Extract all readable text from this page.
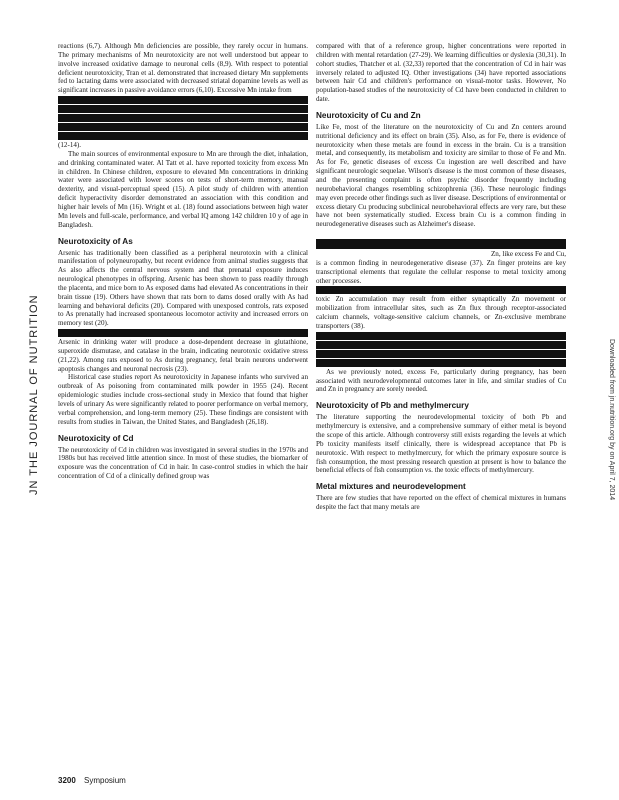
JN THE JOURNAL OF NUTRITION	Downloaded from jn.nutrition.org by on April 7, 2014

reactions (6,7). Although Mn deficiencies are possible, they rarely occur in humans. The primary mechanisms of Mn neurotoxicity are not well understood but appear to involve increased oxidative damage to neuronal cells (8,9). With respect to potential deficient neurotoxicity, Tran et al. demonstrated that increased dietary Mn supplements fed to lactating dams were associated with decreased striatal dopamine levels as well as significant increases in passive avoidance errors (6,10). Excessive Mn intake from

(12-14).

The main sources of environmental exposure to Mn are through the diet, inhalation, and drinking contaminated water. Al Tatt et al. have reported toxicity from excess Mn in children. In Chinese children, exposure to elevated Mn concentrations in drinking water were associated with lower scores on tests of short-term memory, manual dexterity, and visual-perceptual speed (15). A pilot study of children with attention deficit hyperactivity disorder demonstrated an association with this condition and higher hair levels of Mn (16). Wright et al. (18) found associations between high water Mn levels and full-scale, performance, and verbal IQ among 142 children 10 y of age in Bangladesh.

Neurotoxicity of As

Arsenic has traditionally been classified as a peripheral neurotoxin with a clinical manifestation of polyneuropathy, but recent evidence from animal studies suggests that As also affects the central nervous system and that prenatal exposure induces neurological phenotypes in offspring. Arsenic has been shown to pass readily through the placenta, and mice born to As exposed dams had elevated As concentrations in their brain tissue (19). Others have shown that rats born to dams dosed orally with As had learning and behavioral deficits (20). Compared with unexposed controls, rats exposed to As prenatally had increased spontaneous locomotor activity and increased errors on memory test (20).

Arsenic in drinking water will produce a dose-dependent decrease in glutathione, superoxide dismutase, and catalase in the brain, indicating neurotoxic oxidative stress (21,22). Among rats exposed to As during pregnancy, fetal brain neurons underwent apoptosis changes and neuronal necrosis (23).

Historical case studies report As neurotoxicity in Japanese infants who survived an outbreak of As poisoning from contaminated milk powder in 1955 (24). Recent epidemiologic studies include cross-sectional study in Mexico that found that higher levels of urinary As were significantly related to poorer performance on verbal memory, verbal comprehension, and long-term memory (25). These findings are consistent with results from studies in Taiwan, the United States, and Bangladesh (26,18).

Neurotoxicity of Cd

The neurotoxicity of Cd in children was investigated in several studies in the 1970s and 1980s but has received little attention since. In most of these studies, the biomarker of exposure was the concentration of Cd in hair. In case-control studies in which the hair concentration of Cd of a clinically defined group was

compared with that of a reference group, higher concentrations were reported in children with mental retardation (27-29). We learning difficulties or dyslexia (30,31). In cohort studies, Thatcher et al. (32,33) reported that the concentration of Cd in hair was inversely related to adjusted IQ. Other investigations (34) have reported associations between hair Cd and children's performance on visual-motor tasks. However, No population-based studies of the neurotoxicity of Cd have been conducted in children to date.

Neurotoxicity of Cu and Zn

Like Fe, most of the literature on the neurotoxicity of Cu and Zn centers around nutritional deficiency and its effect on brain (35). Also, as for Fe, there is evidence of neurotoxicity when these metals are found in excess in the brain. Cu is a transition metal, and consequently, its metabolism and toxicity are similar to those of Fe and Mn. As for Fe, genetic diseases of excess Cu ingestion are well described and have significant neurologic sequelae. Wilson's disease is the most common of these diseases, and the presenting complaint is often psychic disorder frequently including neurobehavioral changes resembling schizophrenia (36). These neurologic findings may even precede other findings such as liver disease. Descriptions of environmental or excess dietary Cu producing subclinical neurobehavioral effects are very rare, but these have not been systematically studied. Excess brain Cu is a common finding in neurodegenerative diseases such as Alzheimer's disease.

Zn, like excess Fe and Cu,

is a common finding in neurodegenerative disease (37). Zn finger proteins are key transcriptional elements that regulate the cellular response to metal toxicity among other processes.

toxic Zn accumulation may result from either synaptically Zn movement or mobilization from intracellular sites, such as Zn flux through receptor-associated calcium channels, voltage-sensitive calcium channels, or Zn-exclusive membrane transporters (38).

As we previously noted, excess Fe, particularly during pregnancy, has been associated with neurodevelopmental outcomes later in life, and similar studies of Cu and Zn in pregnancy are sorely needed.

Neurotoxicity of Pb and methylmercury

The literature supporting the neurodevelopmental toxicity of both Pb and methylmercury is extensive, and a comprehensive summary of either metal is beyond the scope of this article. Although controversy still exists regarding the levels at which Pb toxicity manifests itself clinically, there is widespread acceptance that Pb is neurotoxic. With respect to methylmercury, for which the primary exposure source is fish consumption, the most pressing research question at present is how to balance the beneficial effects of fish consumption vs. the toxic effects of methylmercury.

Metal mixtures and neurodevelopment

There are few studies that have reported on the effect of chemical mixtures in humans despite the fact that many metals are

3200 Symposium
